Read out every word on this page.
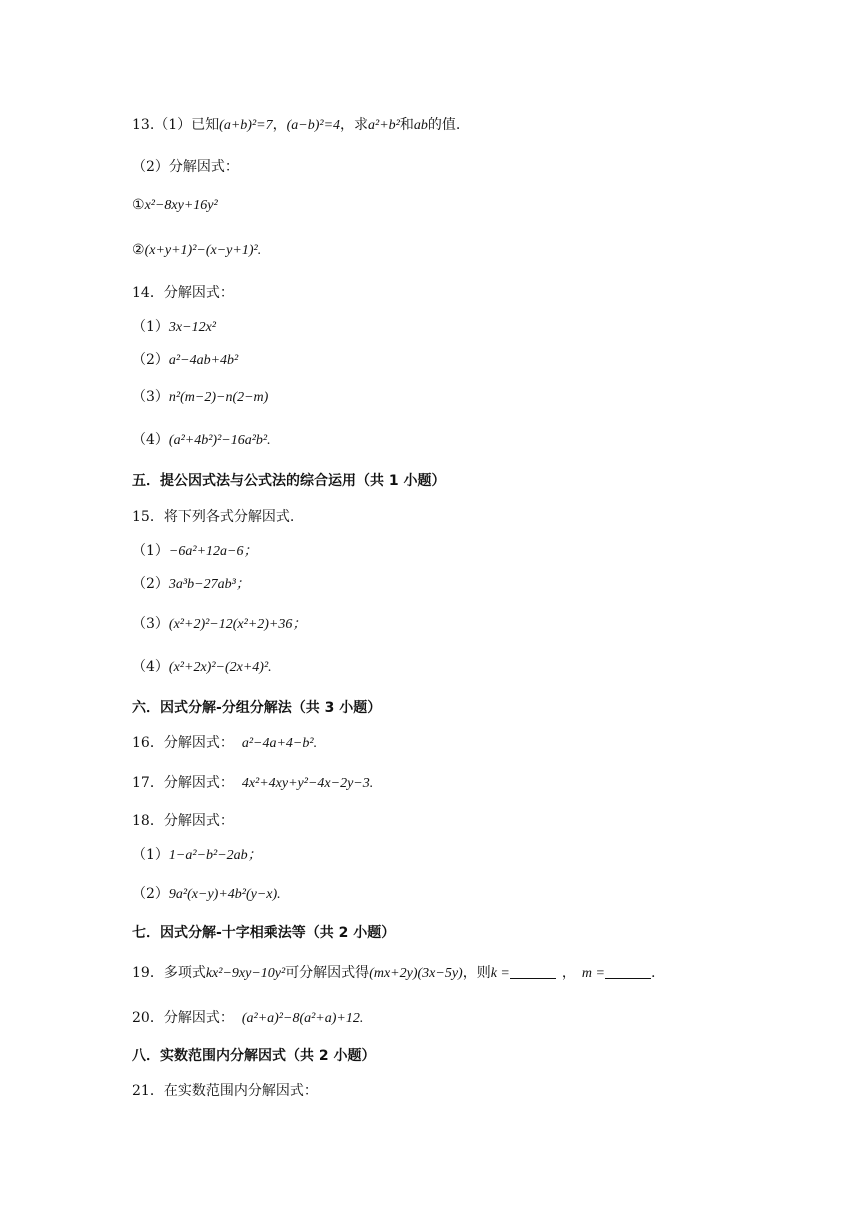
13.（1）已知(a+b)²=7，(a−b)²=4，求a²+b²和ab的值.
（2）分解因式：
①x²−8xy+16y²
②(x+y+1)²−(x−y+1)².
14．分解因式：
（1）3x−12x²
（2）a²−4ab+4b²
（3）n²(m−2)−n(2−m)
（4）(a²+4b²)²−16a²b².
五．提公因式法与公式法的综合运用（共 1 小题）
15．将下列各式分解因式.
（1）−6a²+12a−6；
（2）3a³b−27ab³；
（3）(x²+2)²−12(x²+2)+36；
（4）(x²+2x)²−(2x+4)².
六．因式分解-分组分解法（共 3 小题）
16．分解因式： a²−4a+4−b².
17．分解因式： 4x²+4xy+y²−4x−2y−3.
18．分解因式：
（1）1−a²−b²−2ab；
（2）9a²(x−y)+4b²(y−x).
七．因式分解-十字相乘法等（共 2 小题）
19．多项式kx²−9xy−10y²可分解因式得(mx+2y)(3x−5y)，则k =	， m =	.
20．分解因式： (a²+a)²−8(a²+a)+12.
八．实数范围内分解因式（共 2 小题）
21．在实数范围内分解因式：
